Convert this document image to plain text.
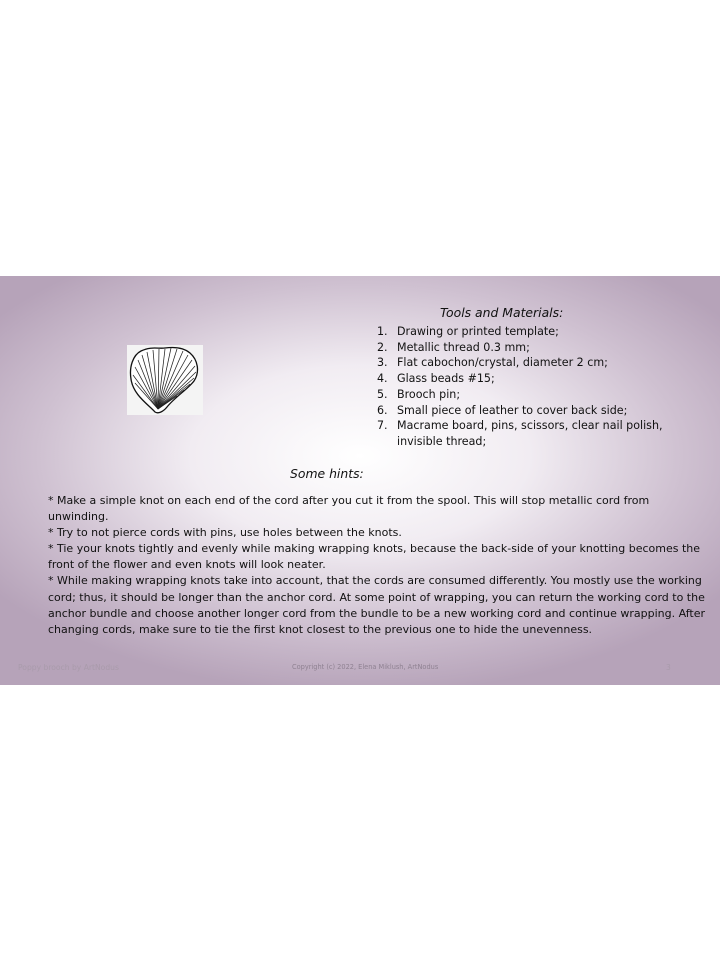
Tools and Materials:
1. Drawing or printed template;
2. Metallic thread 0.3 mm;
3. Flat cabochon/crystal, diameter 2 cm;
4. Glass beads #15;
5. Brooch pin;
6. Small piece of leather to cover back side;
7. Macrame board, pins, scissors, clear nail polish, invisible thread;
Some hints:

* Make a simple knot on each end of the cord after you cut it from the spool. This will stop metallic cord from unwinding.

* Try to not pierce cords with pins, use holes between the knots.

* Tie your knots tightly and evenly while making wrapping knots, because the back-side of your knotting becomes the front of the flower and even knots will look neater.

* While making wrapping knots take into account, that the cords are consumed differently. You mostly use the working cord; thus, it should be longer than the anchor cord. At some point of wrapping, you can return the working cord to the anchor bundle and choose another longer cord from the bundle to be a new working cord and continue wrapping. After changing cords, make sure to tie the first knot closest to the previous one to hide the unevenness.

Poppy brooch by ArtNodus	Copyright (c) 2022, Elena Miklush, ArtNodus	3
